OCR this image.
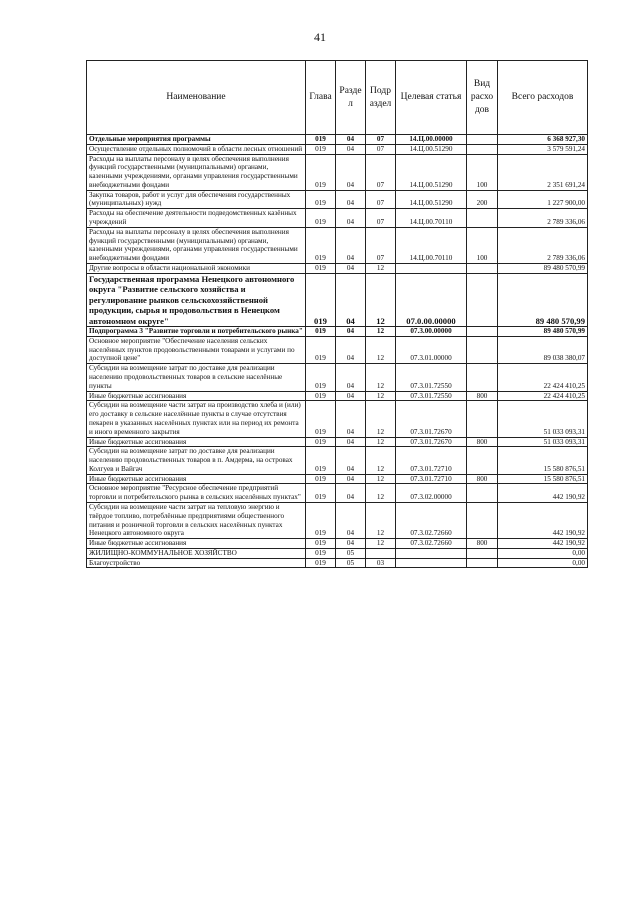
41
Наименование	Глава	Разде л	Подр аздел	Целевая статья	Вид расхо дов	Всего расходов
Отдельные мероприятия программы	019	04	07	14.Ц.00.00000		6 368 927,30
Осуществление отдельных полномочий в области лесных отношений	019	04	07	14.Ц.00.51290		3 579 591,24
Расходы на выплаты персоналу в целях обеспечения выполнения функций государственными (муниципальными) органами, казенными учреждениями, органами управления государственными внебюджетными фондами	019	04	07	14.Ц.00.51290	100	2 351 691,24
Закупка товаров, работ и услуг для обеспечения государственных (муниципальных) нужд	019	04	07	14.Ц.00.51290	200	1 227 900,00
Расходы на обеспечение деятельности подведомственных казённых учреждений	019	04	07	14.Ц.00.70110		2 789 336,06
Расходы на выплаты персоналу в целях обеспечения выполнения функций государственными (муниципальными) органами, казенными учреждениями, органами управления государственными внебюджетными фондами	019	04	07	14.Ц.00.70110	100	2 789 336,06
Другие вопросы в области национальной экономики	019	04	12			89 480 570,99
Государственная программа Ненецкого автономного округа "Развитие сельского хозяйства и регулирование рынков сельскохозяйственной продукции, сырья и продовольствия в Ненецком автономном округе"	019	04	12	07.0.00.00000		89 480 570,99
Подпрограмма 3 "Развитие торговли и потребительского рынка"	019	04	12	07.3.00.00000		89 480 570,99
Основное мероприятие "Обеспечение населения сельских населённых пунктов продовольственными товарами и услугами по доступной цене"	019	04	12	07.3.01.00000		89 038 380,07
Субсидии на возмещение затрат по доставке для реализации населению продовольственных товаров в сельские населённые пункты	019	04	12	07.3.01.72550		22 424 410,25
Иные бюджетные ассигнования	019	04	12	07.3.01.72550	800	22 424 410,25
Субсидии на возмещение части затрат на производство хлеба и (или) его доставку в сельские населённые пункты в случае отсутствия пекарен в указанных населённых пунктах или на период их ремонта и иного временного закрытия	019	04	12	07.3.01.72670		51 033 093,31
Иные бюджетные ассигнования	019	04	12	07.3.01.72670	800	51 033 093,31
Субсидии на возмещение затрат по доставке для реализации населению продовольственных товаров в п. Амдерма, на островах Колгуев и Вайгач	019	04	12	07.3.01.72710		15 580 876,51
Иные бюджетные ассигнования	019	04	12	07.3.01.72710	800	15 580 876,51
Основное мероприятие "Ресурсное обеспечение предприятий торговли и потребительского рынка в сельских населённых пунктах"	019	04	12	07.3.02.00000		442 190,92
Субсидии на возмещение части затрат на тепловую энергию и твёрдое топливо, потреблённые предприятиями общественного питания и розничной торговли в сельских населённых пунктах Ненецкого автономного округа	019	04	12	07.3.02.72660		442 190,92
Иные бюджетные ассигнования	019	04	12	07.3.02.72660	800	442 190,92
ЖИЛИЩНО-КОММУНАЛЬНОЕ ХОЗЯЙСТВО	019	05				0,00
Благоустройство	019	05	03			0,00
